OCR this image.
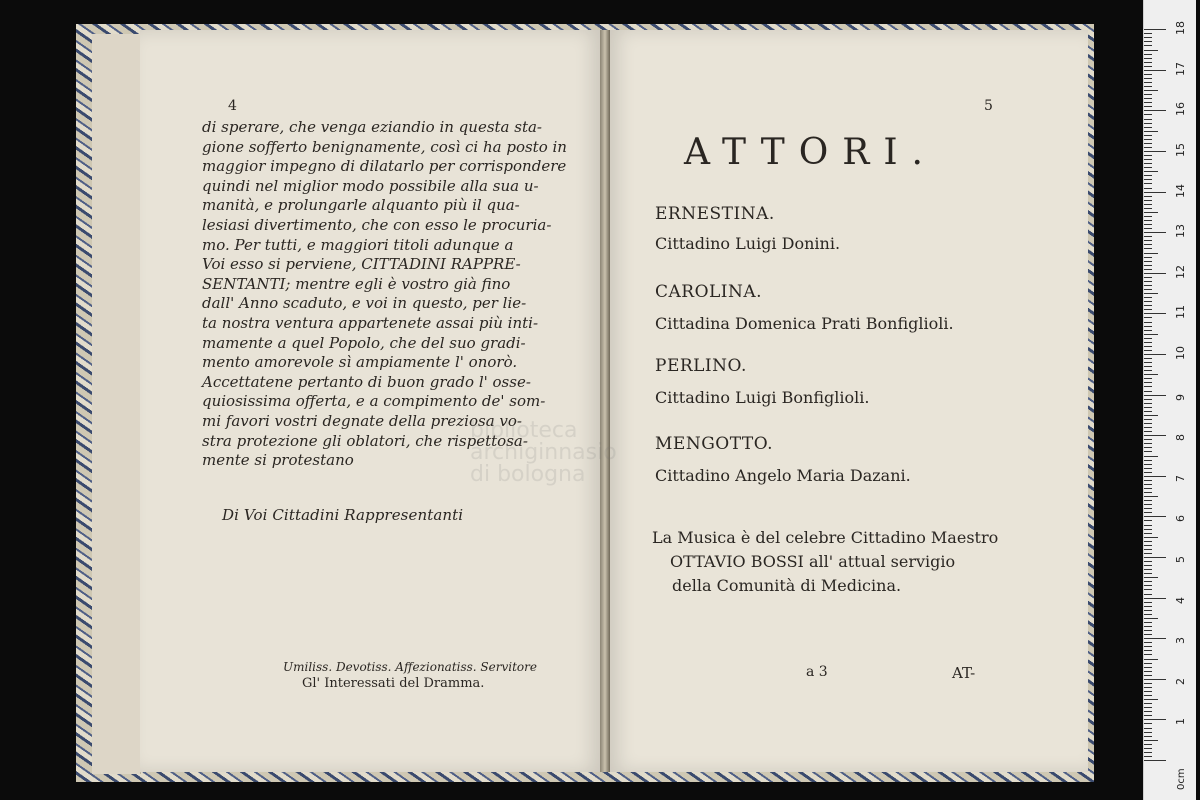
4
di sperare, che venga eziandio in questa sta-
gione sofferto benignamente, così ci ha posto in
maggior impegno di dilatarlo per corrispondere
quindi nel miglior modo possibile alla sua u-
manità, e prolungarle alquanto più il qua-
lesiasi divertimento, che con esso le procuria-
mo. Per tutti, e maggiori titoli adunque a
Voi esso si perviene, CITTADINI RAPPRE-
SENTANTI; mentre egli è vostro già fino
dall' Anno scaduto, e voi in questo, per lie-
ta nostra ventura appartenete assai più inti-
mamente a quel Popolo, che del suo gradi-
mento amorevole sì ampiamente l' onorò.
Accettatene pertanto di buon grado l' osse-
quiosissima offerta, e a compimento de' som-
mi favori vostri degnate della preziosa vo-
stra protezione gli oblatori, che rispettosa-
mente si protestano
Di Voi Cittadini Rappresentanti
Umiliss. Devotiss. Affezionatiss. Servitore
Gl' Interessati del Dramma.
5
ATTORI.
ERNESTINA.
Cittadino Luigi Donini.
CAROLINA.
Cittadina Domenica Prati Bonfiglioli.
PERLINO.
Cittadino Luigi Bonfiglioli.
MENGOTTO.
Cittadino Angelo Maria Dazani.
La Musica è del celebre Cittadino Maestro
OTTAVIO BOSSI all' attual servigio
della Comunità di Medicina.
a 3	AT-
biblioteca
archiginnasio
di bologna
0cm
1
2
3
4
5
6
7
8
9
10
11
12
13
14
15
16
17
18
